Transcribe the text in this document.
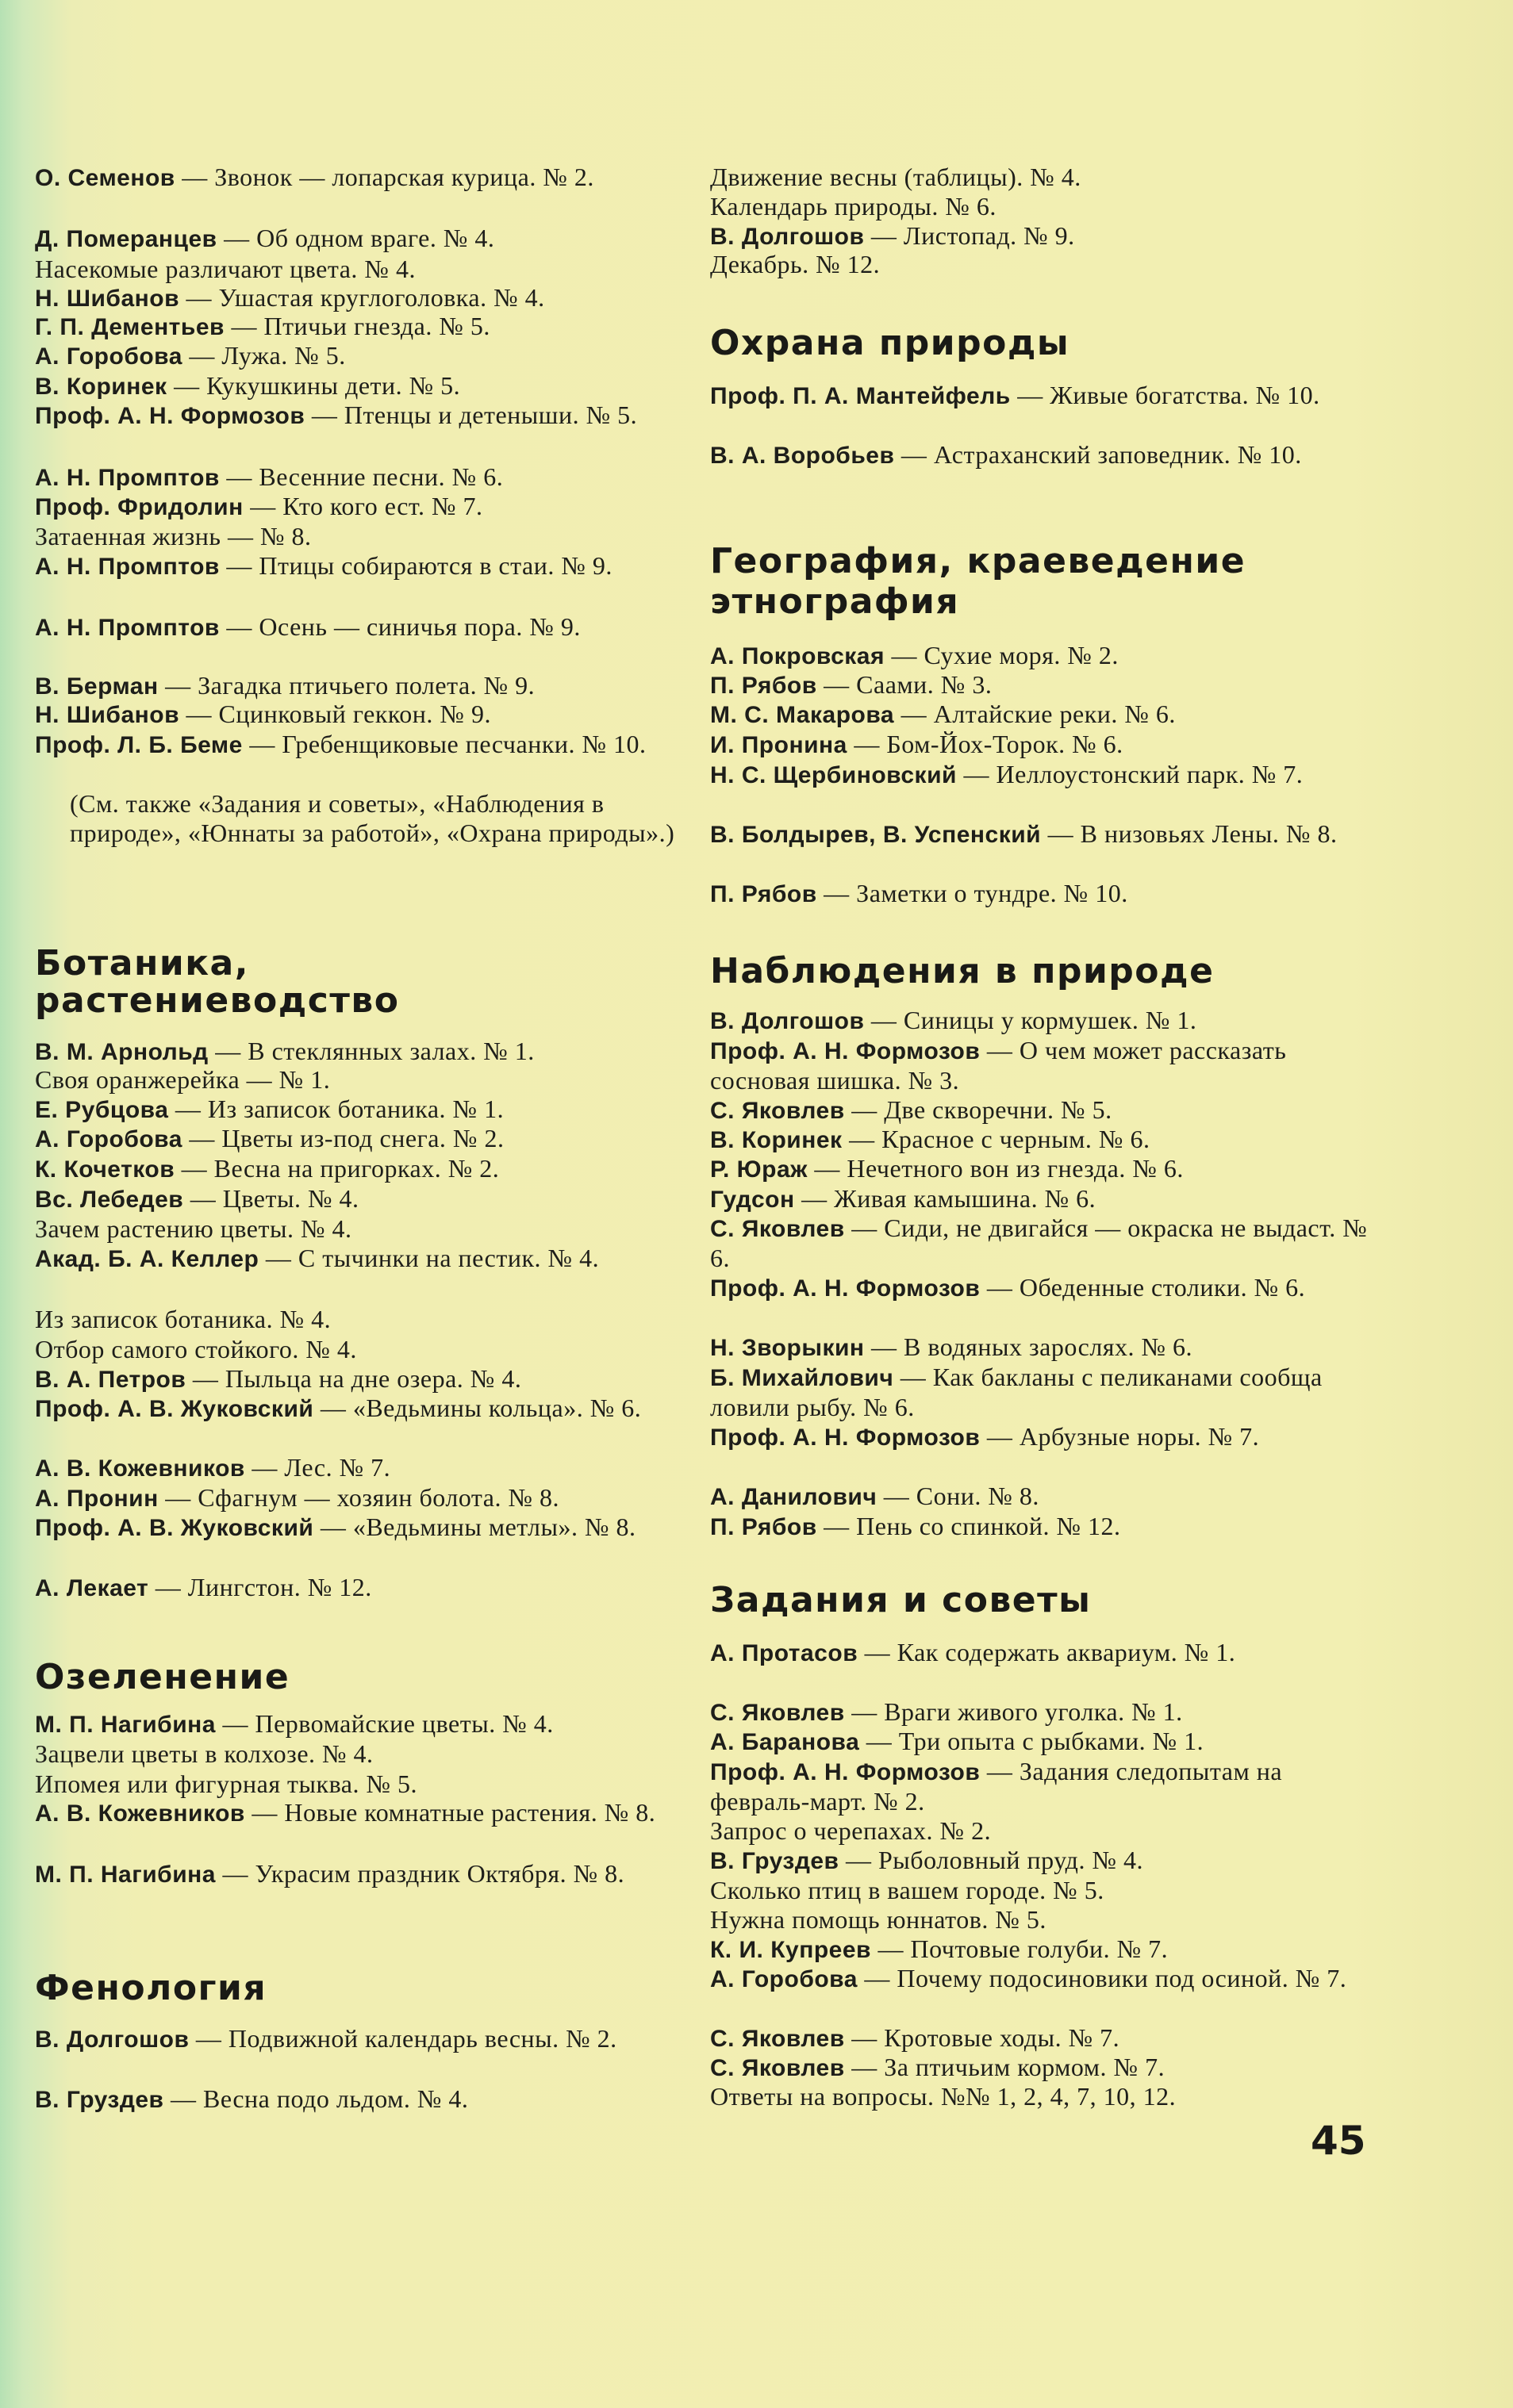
О. Семенов — Звонок — лопарская курица. № 2.
Д. Померанцев — Об одном враге. № 4.
Насекомые различают цвета. № 4.
Н. Шибанов — Ушастая круглоголовка. № 4.
Г. П. Дементьев — Птичьи гнезда. № 5.
А. Горобова — Лужа. № 5.
В. Коринек — Кукушкины дети. № 5.
Проф. А. Н. Формозов — Птенцы и детеныши. № 5.
А. Н. Промптов — Весенние песни. № 6.
Проф. Фридолин — Кто кого ест. № 7.
Затаенная жизнь — № 8.
А. Н. Промптов — Птицы собираются в стаи. № 9.
А. Н. Промптов — Осень — синичья пора. № 9.
В. Берман — Загадка птичьего полета. № 9.
Н. Шибанов — Сцинковый геккон. № 9.
Проф. Л. Б. Беме — Гребенщиковые песчанки. № 10.
(См. также «Задания и советы», «Наблюдения в природе», «Юннаты за работой», «Охрана природы».)
Ботаника,
растениеводство
В. М. Арнольд — В стеклянных залах. № 1.
Своя оранжерейка — № 1.
Е. Рубцова — Из записок ботаника. № 1.
А. Горобова — Цветы из-под снега. № 2.
К. Кочетков — Весна на пригорках. № 2.
Вс. Лебедев — Цветы. № 4.
Зачем растению цветы. № 4.
Акад. Б. А. Келлер — С тычинки на пестик. № 4.
Из записок ботаника. № 4.
Отбор самого стойкого. № 4.
В. А. Петров — Пыльца на дне озера. № 4.
Проф. А. В. Жуковский — «Ведьмины кольца». № 6.
А. В. Кожевников — Лес. № 7.
А. Пронин — Сфагнум — хозяин болота. № 8.
Проф. А. В. Жуковский — «Ведьмины метлы». № 8.
А. Лекает — Лингстон. № 12.
Озеленение
М. П. Нагибина — Первомайские цветы. № 4.
Зацвели цветы в колхозе. № 4.
Ипомея или фигурная тыква. № 5.
А. В. Кожевников — Новые комнатные растения. № 8.
М. П. Нагибина — Украсим праздник Октября. № 8.
Фенология
В. Долгошов — Подвижной календарь весны. № 2.
В. Груздев — Весна подо льдом. № 4.
Движение весны (таблицы). № 4.
Календарь природы. № 6.
В. Долгошов — Листопад. № 9.
Декабрь. № 12.
Охрана природы
Проф. П. А. Мантейфель — Живые богатства. № 10.
В. А. Воробьев — Астраханский заповедник. № 10.
География, краеведение
этнография
А. Покровская — Сухие моря. № 2.
П. Рябов — Саами. № 3.
М. С. Макарова — Алтайские реки. № 6.
И. Пронина — Бом-Йох-Торок. № 6.
Н. С. Щербиновский — Иеллоустонский парк. № 7.
В. Болдырев, В. Успенский — В низовьях Лены. № 8.
П. Рябов — Заметки о тундре. № 10.
Наблюдения в природе
В. Долгошов — Синицы у кормушек. № 1.
Проф. А. Н. Формозов — О чем может рассказать сосновая шишка. № 3.
С. Яковлев — Две скворечни. № 5.
В. Коринек — Красное с черным. № 6.
Р. Юраж — Нечетного вон из гнезда. № 6.
Гудсон — Живая камышина. № 6.
С. Яковлев — Сиди, не двигайся — окраска не выдаст. № 6.
Проф. А. Н. Формозов — Обеденные столики. № 6.
Н. Зворыкин — В водяных зарослях. № 6.
Б. Михайлович — Как бакланы с пеликанами сообща ловили рыбу. № 6.
Проф. А. Н. Формозов — Арбузные норы. № 7.
А. Данилович — Сони. № 8.
П. Рябов — Пень со спинкой. № 12.
Задания и советы
А. Протасов — Как содержать аквариум. № 1.
С. Яковлев — Враги живого уголка. № 1.
А. Баранова — Три опыта с рыбками. № 1.
Проф. А. Н. Формозов — Задания следопытам на февраль-март. № 2.
Запрос о черепахах. № 2.
В. Груздев — Рыболовный пруд. № 4.
Сколько птиц в вашем городе. № 5.
Нужна помощь юннатов. № 5.
К. И. Купреев — Почтовые голуби. № 7.
А. Горобова — Почему подосиновики под осиной. № 7.
С. Яковлев — Кротовые ходы. № 7.
С. Яковлев — За птичьим кормом. № 7.
Ответы на вопросы. №№ 1, 2, 4, 7, 10, 12.
45
